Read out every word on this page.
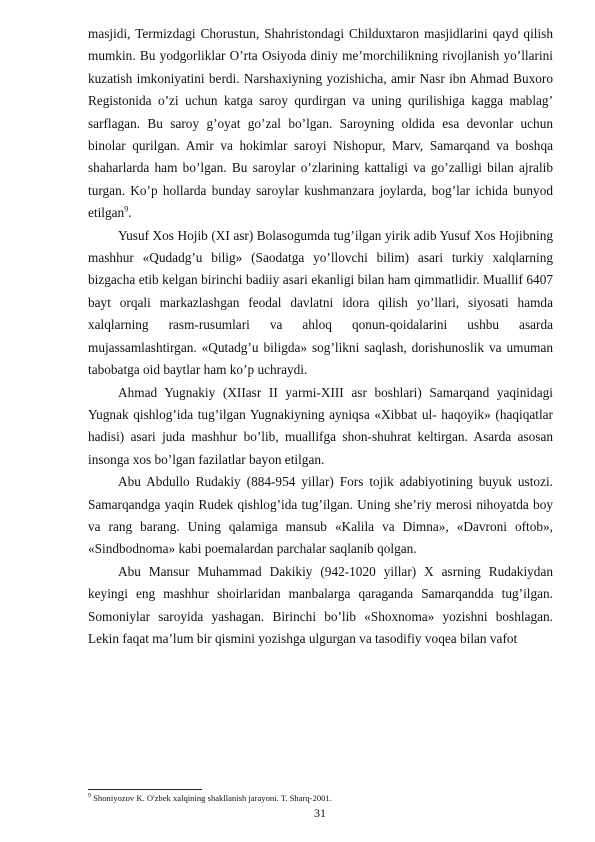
masjidi, Termizdagi Chorustun, Shahristondagi Childuxtaron masjidlarini qayd qilish mumkin. Bu yodgorliklar O’rta Osiyoda diniy me’morchilikning rivojlanish yo’llarini kuzatish imkoniyatini berdi. Narshaxiyning yozishicha, amir Nasr ibn Ahmad Buxoro Registonida o’zi uchun katga saroy qurdirgan va uning qurilishiga kagga mablag’ sarflagan. Bu saroy g’oyat go’zal bo’lgan. Saroyning oldida esa devonlar uchun binolar qurilgan. Amir va hokimlar saroyi Nishopur, Marv, Samarqand va boshqa shaharlarda ham bo’lgan. Bu saroylar o’zlarining kattaligi va go’zalligi bilan ajralib turgan. Ko’p hollarda bunday saroylar kushmanzara joylarda, bog’lar ichida bunyod etilgan$^9$.

Yusuf Xos Hojib (XI asr) Bolasogumda tug’ilgan yirik adib Yusuf Xos Hojibning mashhur «Qudadg’u bilig» (Saodatga yo’llovchi bilim) asari turkiy xalqlarning bizgacha etib kelgan birinchi badiiy asari ekanligi bilan ham qimmatlidir. Muallif 6407 bayt orqali markazlashgan feodal davlatni idora qilish yo’llari, siyosati hamda xalqlarning rasm-rusumlari va ahloq qonun-qoidalarini ushbu asarda mujassamlashtirgan. «Qutadg’u biligda» sog’likni saqlash, dorishunoslik va umuman tabobatga oid baytlar ham ko’p uchraydi.

Ahmad Yugnakiy (XIIasr II yarmi-XIII asr boshlari) Samarqand yaqinidagi Yugnak qishlog’ida tug’ilgan Yugnakiyning ayniqsa «Xibbat ul- haqoyik» (haqiqatlar hadisi) asari juda mashhur bo’lib, muallifga shon-shuhrat keltirgan. Asarda asosan insonga xos bo’lgan fazilatlar bayon etilgan.

Abu Abdullo Rudakiy (884-954 yillar) Fors tojik adabiyotining buyuk ustozi. Samarqandga yaqin Rudek qishlog’ida tug’ilgan. Uning she’riy merosi nihoyatda boy va rang barang. Uning qalamiga mansub «Kalila va Dimna», «Davroni oftob», «Sindbodnoma» kabi poemalardan parchalar saqlanib qolgan.

Abu Mansur Muhammad Dakikiy (942-1020 yillar) X asrning Rudakiydan keyingi eng mashhur shoirlaridan manbalarga qaraganda Samarqandda tug’ilgan. Somoniylar saroyida yashagan. Birinchi bo’lib «Shoxnoma» yozishni boshlagan. Lekin faqat ma’lum bir qismini yozishga ulgurgan va tasodifiy voqea bilan vafot

$^9$ Shoniyozov K. O'zbek xalqining shakllanish jarayoni. T. Sharq-2001.
31
